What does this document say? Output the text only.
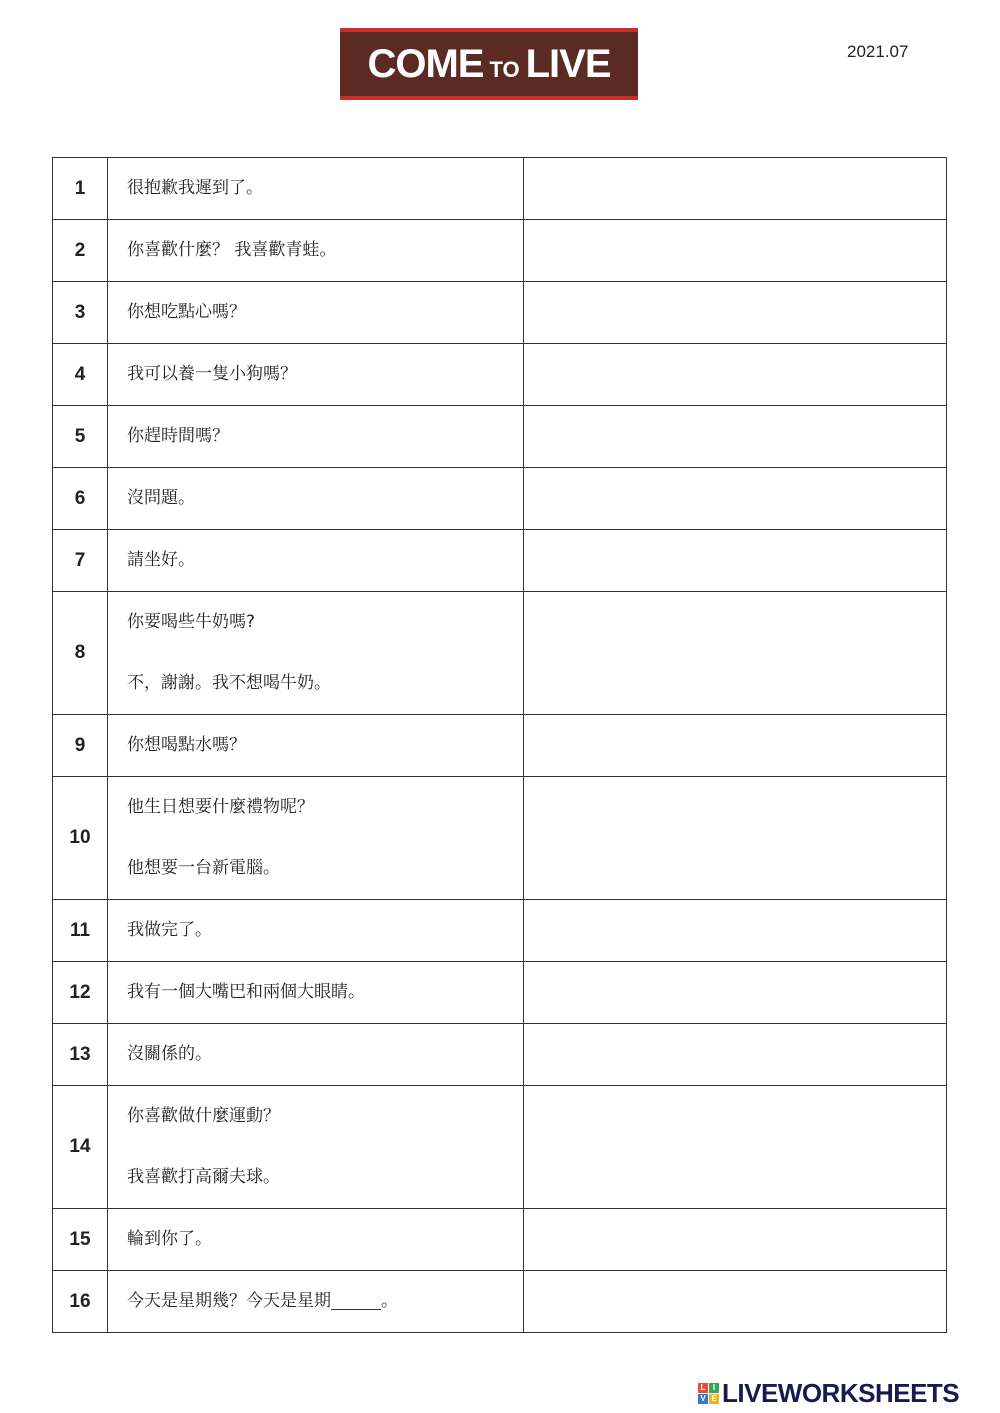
COME TO LIVE	2021.07
1	很抱歉我遲到了。	

2	你喜歡什麼？ 我喜歡青蛙。	

3	你想吃點心嗎？	

4	我可以養一隻小狗嗎？	

5	你趕時間嗎？	

6	沒問題。	

7	請坐好。	

8	你要喝些牛奶嗎?
不，謝謝。我不想喝牛奶。	

9	你想喝點水嗎？	

10	他生日想要什麼禮物呢？
他想要一台新電腦。	

11	我做完了。	

12	我有一個大嘴巴和兩個大眼睛。	

13	沒關係的。	

14	你喜歡做什麼運動？
我喜歡打高爾夫球。	

15	輪到你了。	

16	今天是星期幾？今天是星期 。	

L I
V E LIVEWORKSHEETS
